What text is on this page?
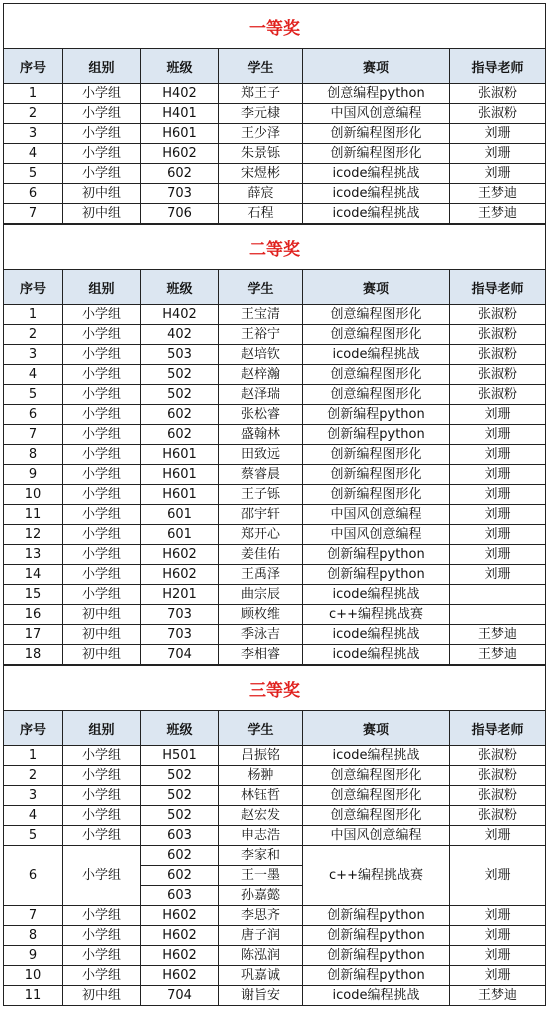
一等奖					
序号	组别	班级	学生	赛项	指导老师
1	小学组	H402	郑王子	创意编程python	张淑粉
2	小学组	H401	李元棣	中国风创意编程	张淑粉
3	小学组	H601	王少泽	创新编程图形化	刘珊
4	小学组	H602	朱景铄	创新编程图形化	刘珊
5	小学组	602	宋煜彬	icode编程挑战	刘珊
6	初中组	703	薛宸	icode编程挑战	王梦迪
7	初中组	706	石程	icode编程挑战	王梦迪
二等奖					
序号	组别	班级	学生	赛项	指导老师
1	小学组	H402	王宝清	创意编程图形化	张淑粉
2	小学组	402	王裕宁	创意编程图形化	张淑粉
3	小学组	503	赵培钦	icode编程挑战	张淑粉
4	小学组	502	赵梓瀚	创意编程图形化	张淑粉
5	小学组	502	赵泽瑞	创意编程图形化	张淑粉
6	小学组	602	张松睿	创新编程python	刘珊
7	小学组	602	盛翰林	创新编程python	刘珊
8	小学组	H601	田致远	创新编程图形化	刘珊
9	小学组	H601	蔡睿晨	创新编程图形化	刘珊
10	小学组	H601	王子铄	创新编程图形化	刘珊
11	小学组	601	邵宇轩	中国风创意编程	刘珊
12	小学组	601	郑开心	中国风创意编程	刘珊
13	小学组	H602	姜佳佑	创新编程python	刘珊
14	小学组	H602	王禹泽	创新编程python	刘珊
15	小学组	H201	曲宗辰	icode编程挑战	
16	初中组	703	顾枚维	c++编程挑战赛	
17	初中组	703	季泳吉	icode编程挑战	王梦迪
18	初中组	704	李相睿	icode编程挑战	王梦迪
三等奖					
序号	组别	班级	学生	赛项	指导老师
1	小学组	H501	吕振铭	icode编程挑战	张淑粉
2	小学组	502	杨翀	创意编程图形化	张淑粉
3	小学组	502	林钰哲	创意编程图形化	张淑粉
4	小学组	502	赵宏发	创意编程图形化	张淑粉
5	小学组	603	申志浩	中国风创意编程	刘珊
6	小学组	602	李家和	c++编程挑战赛	刘珊
		602	王一墨		
		603	孙嘉懿		
7	小学组	H602	李思齐	创新编程python	刘珊
8	小学组	H602	唐子润	创新编程python	刘珊
9	小学组	H602	陈泓润	创新编程python	刘珊
10	小学组	H602	巩嘉诚	创新编程python	刘珊
11	初中组	704	谢旨安	icode编程挑战	王梦迪
